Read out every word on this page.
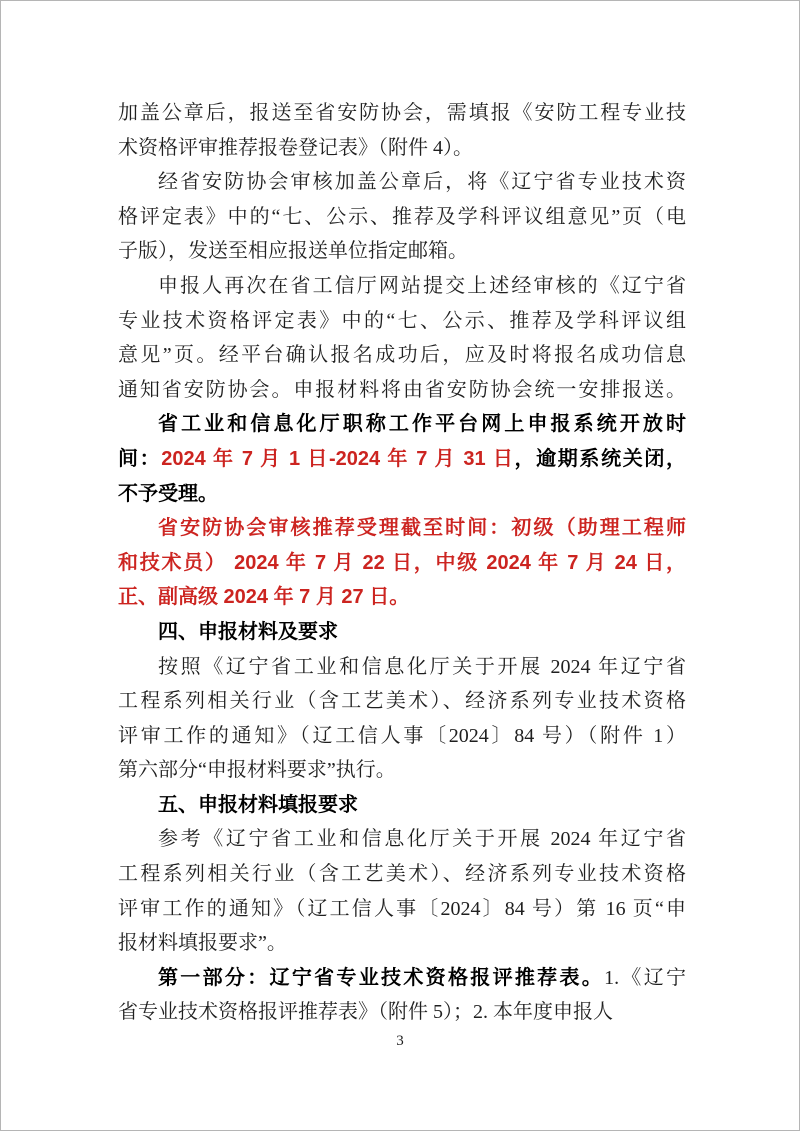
加盖公章后，报送至省安防协会，需填报《安防工程专业技
术资格评审推荐报卷登记表》（附件 4）。
经省安防协会审核加盖公章后，将《辽宁省专业技术资
格评定表》中的“七、公示、推荐及学科评议组意见”页（电
子版），发送至相应报送单位指定邮箱。
申报人再次在省工信厅网站提交上述经审核的《辽宁省
专业技术资格评定表》中的“七、公示、推荐及学科评议组
意见”页。经平台确认报名成功后，应及时将报名成功信息
通知省安防协会。申报材料将由省安防协会统一安排报送。
省工业和信息化厅职称工作平台网上申报系统开放时
间：2024 年 7 月 1 日-2024 年 7 月 31 日，逾期系统关闭，
不予受理。
省安防协会审核推荐受理截至时间：初级（助理工程师
和技术员） 2024 年 7 月 22 日，中级 2024 年 7 月 24 日，
正、副高级 2024 年 7 月 27 日。
四、申报材料及要求
按照《辽宁省工业和信息化厅关于开展 2024 年辽宁省
工程系列相关行业（含工艺美术）、经济系列专业技术资格
评审工作的通知》（辽工信人事〔2024〕84 号）（附件 1）
第六部分“申报材料要求”执行。
五、申报材料填报要求
参考《辽宁省工业和信息化厅关于开展 2024 年辽宁省
工程系列相关行业（含工艺美术）、经济系列专业技术资格
评审工作的通知》（辽工信人事〔2024〕84 号）第 16 页“申
报材料填报要求”。
第一部分：辽宁省专业技术资格报评推荐表。1.《辽宁
省专业技术资格报评推荐表》（附件 5）；2. 本年度申报人
3
